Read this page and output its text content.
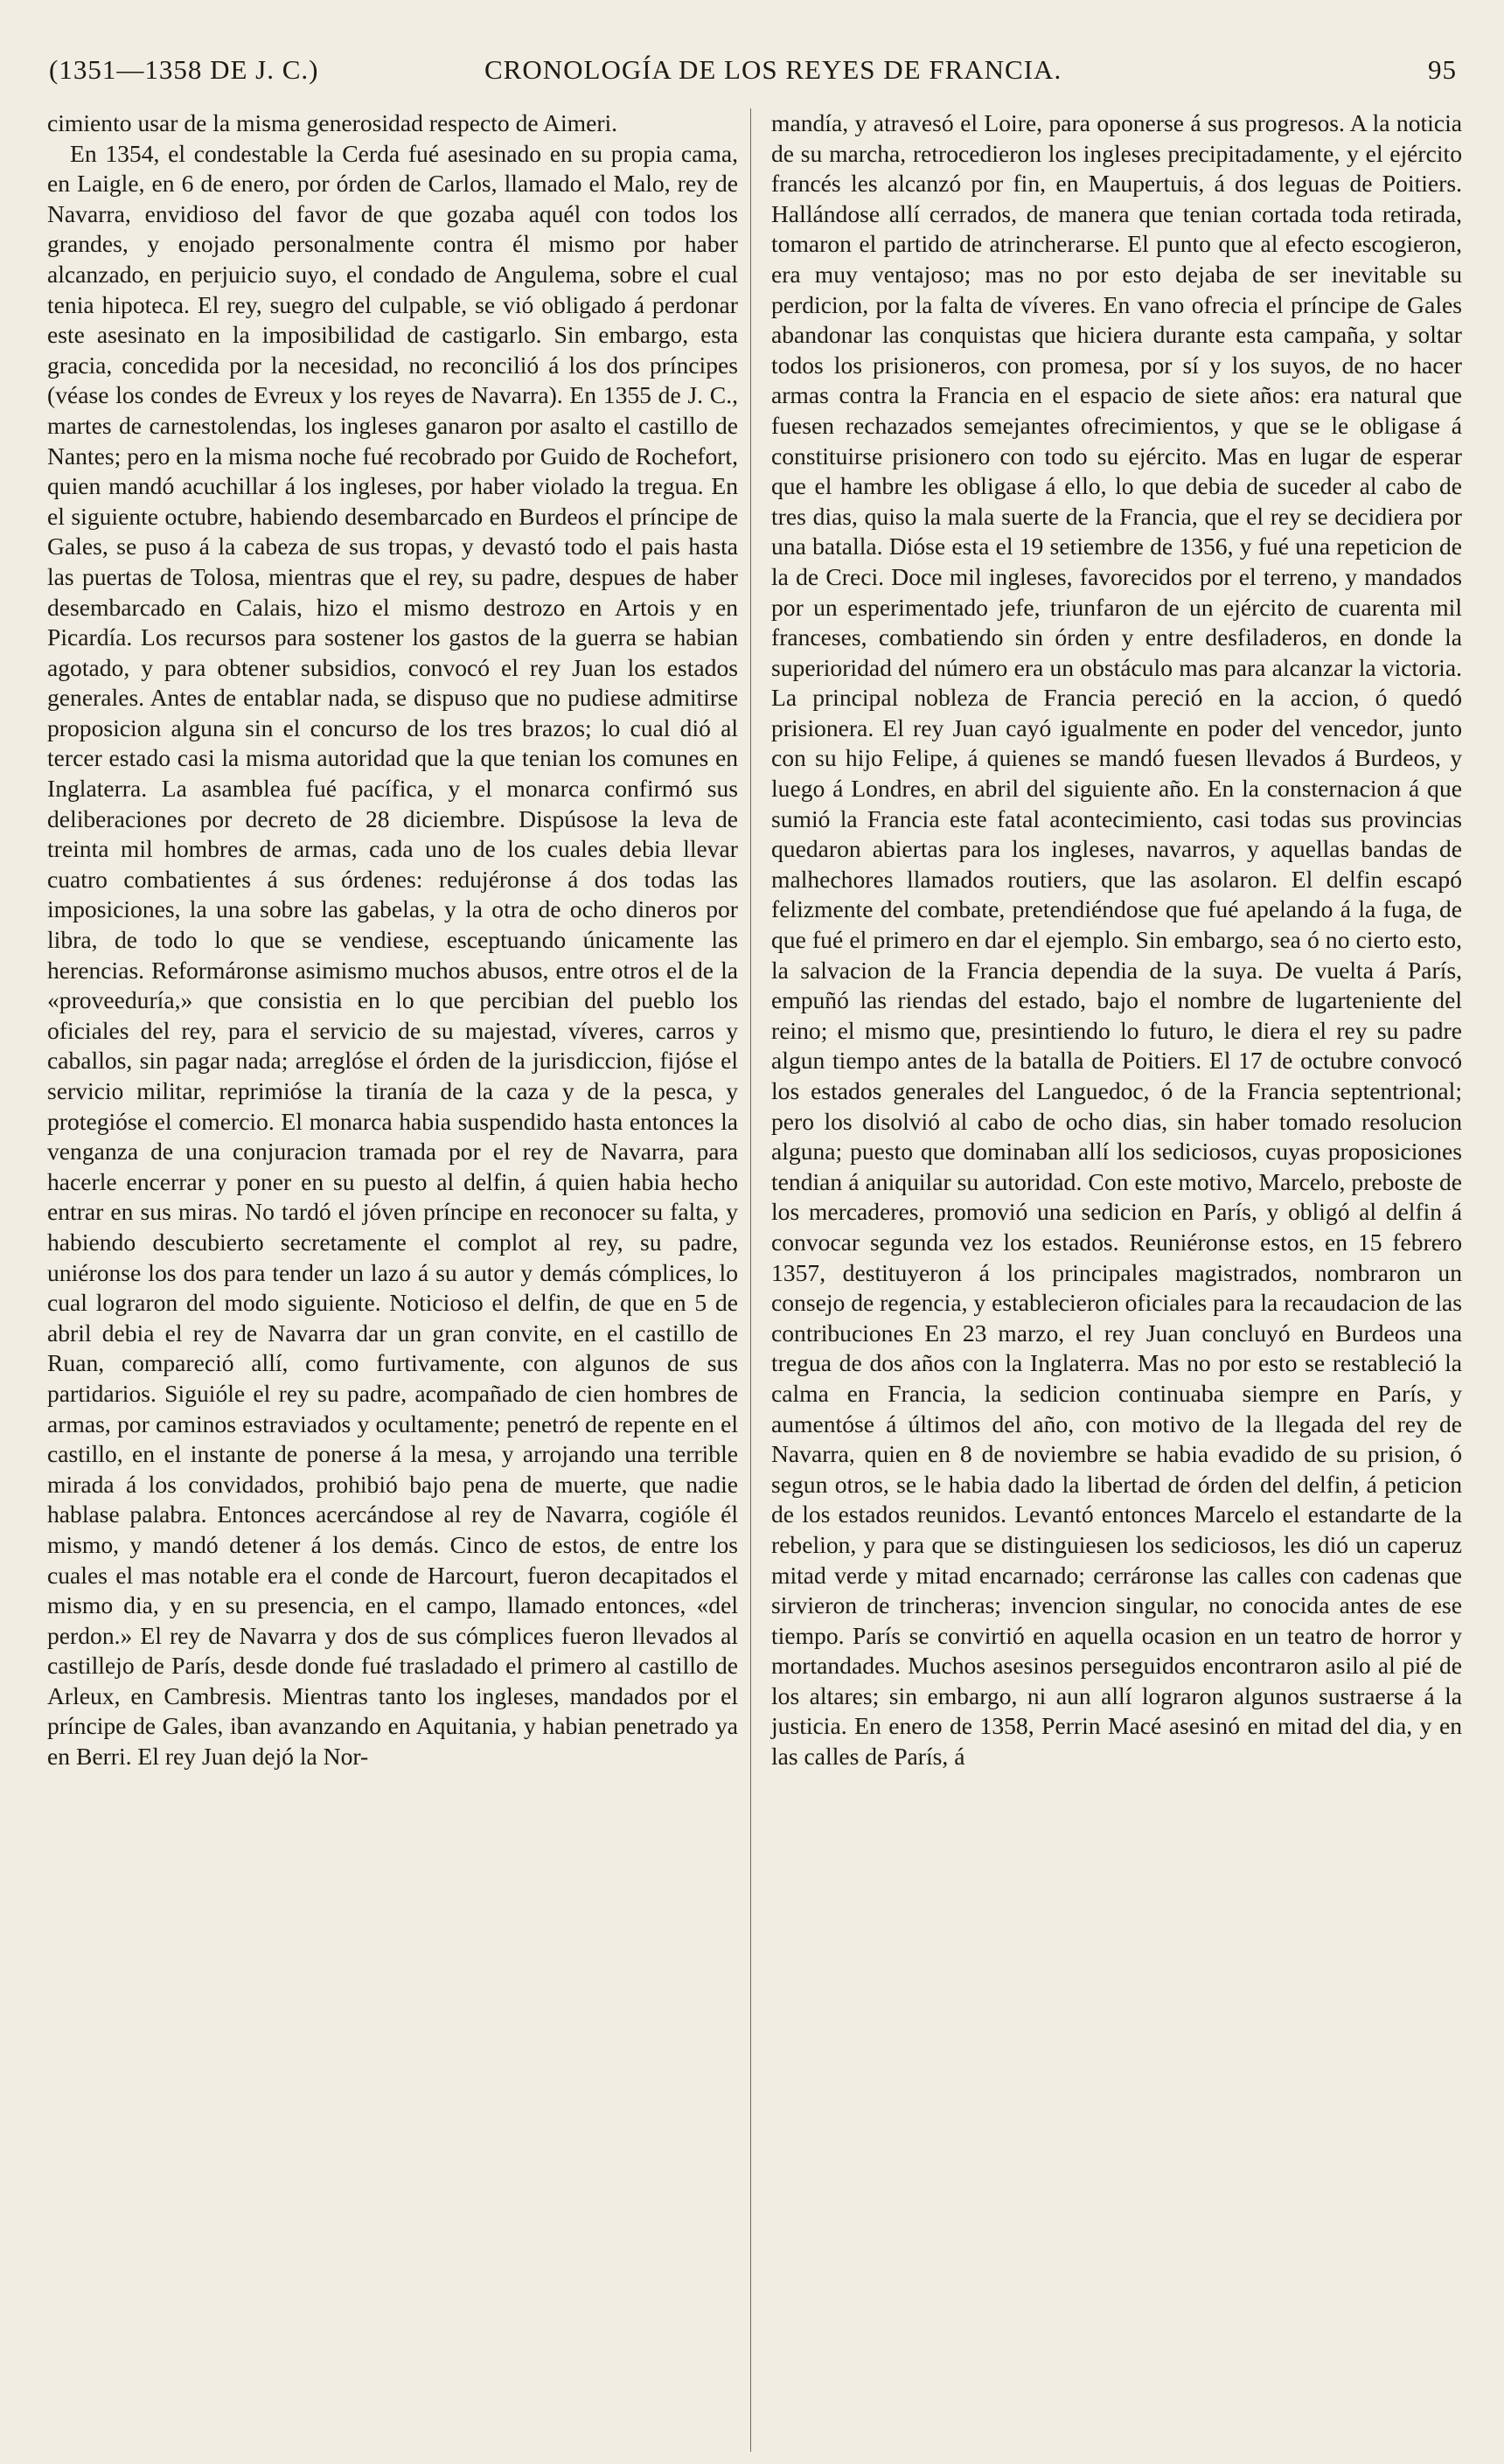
(1351—1358 DE J. C.)	CRONOLOGÍA DE LOS REYES DE FRANCIA.	95

cimiento usar de la misma generosidad respecto de Aimeri.

En 1354, el condestable la Cerda fué asesinado en su propia cama, en Laigle, en 6 de enero, por órden de Carlos, llamado el Malo, rey de Navarra, envidioso del favor de que gozaba aquél con todos los grandes, y enojado personalmente contra él mismo por haber alcanzado, en perjuicio suyo, el condado de Angulema, sobre el cual tenia hipoteca. El rey, suegro del culpable, se vió obligado á perdonar este asesinato en la imposibilidad de castigarlo. Sin embargo, esta gracia, concedida por la necesidad, no reconcilió á los dos príncipes (véase los condes de Evreux y los reyes de Navarra). En 1355 de J. C., martes de carnestolendas, los ingleses ganaron por asalto el castillo de Nantes; pero en la misma noche fué recobrado por Guido de Rochefort, quien mandó acuchillar á los ingleses, por haber violado la tregua. En el siguiente octubre, habiendo desembarcado en Burdeos el príncipe de Gales, se puso á la cabeza de sus tropas, y devastó todo el pais hasta las puertas de Tolosa, mientras que el rey, su padre, despues de haber desembarcado en Calais, hizo el mismo destrozo en Artois y en Picardía. Los recursos para sostener los gastos de la guerra se habian agotado, y para obtener subsidios, convocó el rey Juan los estados generales. Antes de entablar nada, se dispuso que no pudiese admitirse proposicion alguna sin el concurso de los tres brazos; lo cual dió al tercer estado casi la misma autoridad que la que tenian los comunes en Inglaterra. La asamblea fué pacífica, y el monarca confirmó sus deliberaciones por decreto de 28 diciembre. Dispúsose la leva de treinta mil hombres de armas, cada uno de los cuales debia llevar cuatro combatientes á sus órdenes: redujéronse á dos todas las imposiciones, la una sobre las gabelas, y la otra de ocho dineros por libra, de todo lo que se vendiese, esceptuando únicamente las herencias. Reformáronse asimismo muchos abusos, entre otros el de la «proveeduría,» que consistia en lo que percibian del pueblo los oficiales del rey, para el servicio de su majestad, víveres, carros y caballos, sin pagar nada; arreglóse el órden de la jurisdiccion, fijóse el servicio militar, reprimióse la tiranía de la caza y de la pesca, y protegióse el comercio. El monarca habia suspendido hasta entonces la venganza de una conjuracion tramada por el rey de Navarra, para hacerle encerrar y poner en su puesto al delfin, á quien habia hecho entrar en sus miras. No tardó el jóven príncipe en reconocer su falta, y habiendo descubierto secretamente el complot al rey, su padre, uniéronse los dos para tender un lazo á su autor y demás cómplices, lo cual lograron del modo siguiente. Noticioso el delfin, de que en 5 de abril debia el rey de Navarra dar un gran convite, en el castillo de Ruan, compareció allí, como furtivamente, con algunos de sus partidarios. Siguióle el rey su padre, acompañado de cien hombres de armas, por caminos estraviados y ocultamente; penetró de repente en el castillo, en el instante de ponerse á la mesa, y arrojando una terrible mirada á los convidados, prohibió bajo pena de muerte, que nadie hablase palabra. Entonces acercándose al rey de Navarra, cogióle él mismo, y mandó detener á los demás. Cinco de estos, de entre los cuales el mas notable era el conde de Harcourt, fueron decapitados el mismo dia, y en su presencia, en el campo, llamado entonces, «del perdon.» El rey de Navarra y dos de sus cómplices fueron llevados al castillejo de París, desde donde fué trasladado el primero al castillo de Arleux, en Cambresis. Mientras tanto los ingleses, mandados por el príncipe de Gales, iban avanzando en Aquitania, y habian penetrado ya en Berri. El rey Juan dejó la Nor-

mandía, y atravesó el Loire, para oponerse á sus progresos. A la noticia de su marcha, retrocedieron los ingleses precipitadamente, y el ejército francés les alcanzó por fin, en Maupertuis, á dos leguas de Poitiers. Hallándose allí cerrados, de manera que tenian cortada toda retirada, tomaron el partido de atrincherarse. El punto que al efecto escogieron, era muy ventajoso; mas no por esto dejaba de ser inevitable su perdicion, por la falta de víveres. En vano ofrecia el príncipe de Gales abandonar las conquistas que hiciera durante esta campaña, y soltar todos los prisioneros, con promesa, por sí y los suyos, de no hacer armas contra la Francia en el espacio de siete años: era natural que fuesen rechazados semejantes ofrecimientos, y que se le obligase á constituirse prisionero con todo su ejército. Mas en lugar de esperar que el hambre les obligase á ello, lo que debia de suceder al cabo de tres dias, quiso la mala suerte de la Francia, que el rey se decidiera por una batalla. Dióse esta el 19 setiembre de 1356, y fué una repeticion de la de Creci. Doce mil ingleses, favorecidos por el terreno, y mandados por un esperimentado jefe, triunfaron de un ejército de cuarenta mil franceses, combatiendo sin órden y entre desfiladeros, en donde la superioridad del número era un obstáculo mas para alcanzar la victoria. La principal nobleza de Francia pereció en la accion, ó quedó prisionera. El rey Juan cayó igualmente en poder del vencedor, junto con su hijo Felipe, á quienes se mandó fuesen llevados á Burdeos, y luego á Londres, en abril del siguiente año. En la consternacion á que sumió la Francia este fatal acontecimiento, casi todas sus provincias quedaron abiertas para los ingleses, navarros, y aquellas bandas de malhechores llamados routiers, que las asolaron. El delfin escapó felizmente del combate, pretendiéndose que fué apelando á la fuga, de que fué el primero en dar el ejemplo. Sin embargo, sea ó no cierto esto, la salvacion de la Francia dependia de la suya. De vuelta á París, empuñó las riendas del estado, bajo el nombre de lugarteniente del reino; el mismo que, presintiendo lo futuro, le diera el rey su padre algun tiempo antes de la batalla de Poitiers. El 17 de octubre convocó los estados generales del Languedoc, ó de la Francia septentrional; pero los disolvió al cabo de ocho dias, sin haber tomado resolucion alguna; puesto que dominaban allí los sediciosos, cuyas proposiciones tendian á aniquilar su autoridad. Con este motivo, Marcelo, preboste de los mercaderes, promovió una sedicion en París, y obligó al delfin á convocar segunda vez los estados. Reuniéronse estos, en 15 febrero 1357, destituyeron á los principales magistrados, nombraron un consejo de regencia, y establecieron oficiales para la recaudacion de las contribuciones En 23 marzo, el rey Juan concluyó en Burdeos una tregua de dos años con la Inglaterra. Mas no por esto se restableció la calma en Francia, la sedicion continuaba siempre en París, y aumentóse á últimos del año, con motivo de la llegada del rey de Navarra, quien en 8 de noviembre se habia evadido de su prision, ó segun otros, se le habia dado la libertad de órden del delfin, á peticion de los estados reunidos. Levantó entonces Marcelo el estandarte de la rebelion, y para que se distinguiesen los sediciosos, les dió un caperuz mitad verde y mitad encarnado; cerráronse las calles con cadenas que sirvieron de trincheras; invencion singular, no conocida antes de ese tiempo. París se convirtió en aquella ocasion en un teatro de horror y mortandades. Muchos asesinos perseguidos encontraron asilo al pié de los altares; sin embargo, ni aun allí lograron algunos sustraerse á la justicia. En enero de 1358, Perrin Macé asesinó en mitad del dia, y en las calles de París, á
